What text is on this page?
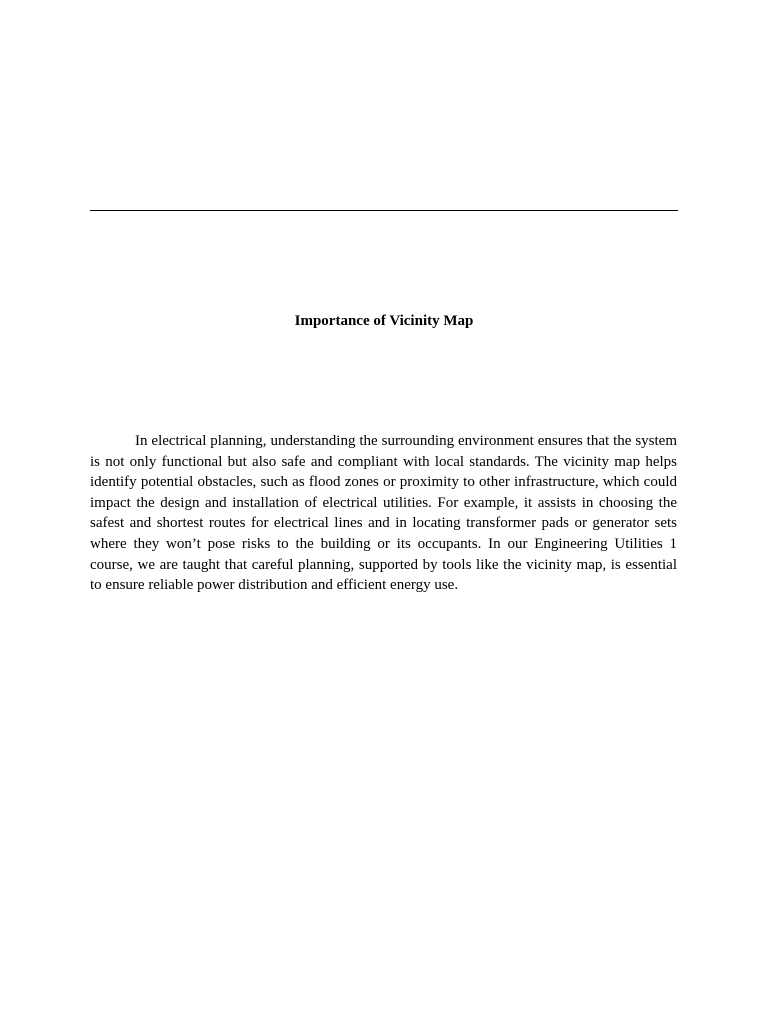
Importance of Vicinity Map

In electrical planning, understanding the surrounding environment ensures that the system is not only functional but also safe and compliant with local standards. The vicinity map helps identify potential obstacles, such as flood zones or proximity to other infrastructure, which could impact the design and installation of electrical utilities. For example, it assists in choosing the safest and shortest routes for electrical lines and in locating transformer pads or generator sets where they won’t pose risks to the building or its occupants. In our Engineering Utilities 1 course, we are taught that careful planning, supported by tools like the vicinity map, is essential to ensure reliable power distribution and efficient energy use.
